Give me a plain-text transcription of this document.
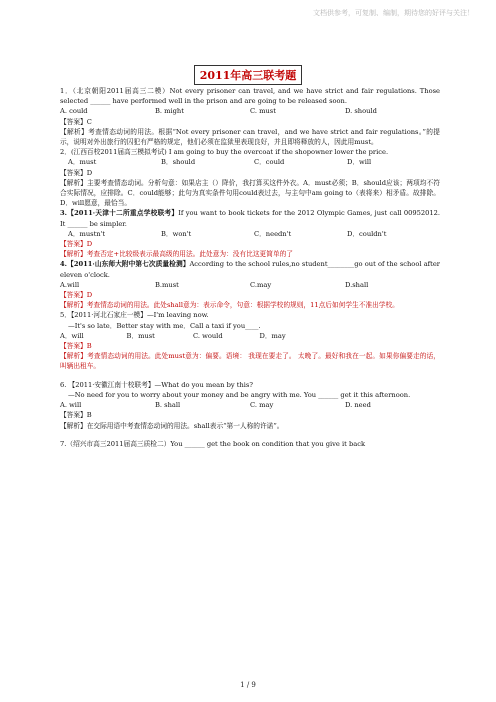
文档供参考，可复制、编制，期待您的好评与关注！
2011年高三联考题

1．（北京朝阳2011届高三二模）Not every prisoner can travel, and we have strict and fair regulations. Those selected ______ have performed well in the prison and are going to be released soon.

A. could	B. might	C. must	D. should

【答案】C

【解析】考查情态动词的用法。根据“Not every prisoner can travel，and we have strict and fair regulations。”的提示，说明对外出旅行的囚犯有严格的规定，他们必须在监狱里表现良好，并且即将释放的人，因此用must。

2．(江西百校2011届高三模拟考试) I am going to buy the overcoat if the shopowner lower the price.

A．must	B．should	C．could	D．will

【答案】D

【解析】主要考查情态动词。分析句意：如果店主（）降价，我打算买这件外衣。A．must必须；B．should应该；两项均不符合实际情况，应排除。C．could能够；此句为真实条件句用could表过去，与主句中am going to（表将来）相矛盾。故排除。D．will愿意，最恰当。

3.【2011·天津十二所重点学校联考】If you want to book tickets for the 2012 Olympic Games, just call 00952012. It ______ be simpler.

A．mustn't	B．won't	C．needn't	D．couldn't

【答案】D

【解析】考查否定+比较级表示最高级的用法。此处意为：没有比这更简单的了

4.【2011·山东师大附中第七次质量检测】According to the school rules,no student________go out of the school after eleven o'clock.

A.will	B.must	C.may	D.shall

【答案】D

【解析】考查情态动词的用法。此处shall意为：表示命令，句意：根据学校的规则，11点后如何学生不准出学校。

5．【2011·河北石家庄一模】—I'm leaving now.

—It's so late．Better stay with me．Call a taxi if you____.

A．will	B．must	C. would	D．may

【答案】B

【解析】考查情态动词的用法。此处must意为：偏要。语境： 我现在要走了。 太晚了。最好和我在一起。如果你偏要走的话，叫辆出租车。

6. 【2011·安徽江南十校联考】—What do you mean by this?

—No need for you to worry about your money and be angry with me. You ______ get it this afternoon.

A. will	B. shall	C. may	D. need

【答案】B

【解析】在交际用语中考查情态动词的用法。shall表示“第一人称的许诺”。

7.（绍兴市高三2011届高三质检二）You ______ get the book on condition that you give it back

1 / 9
